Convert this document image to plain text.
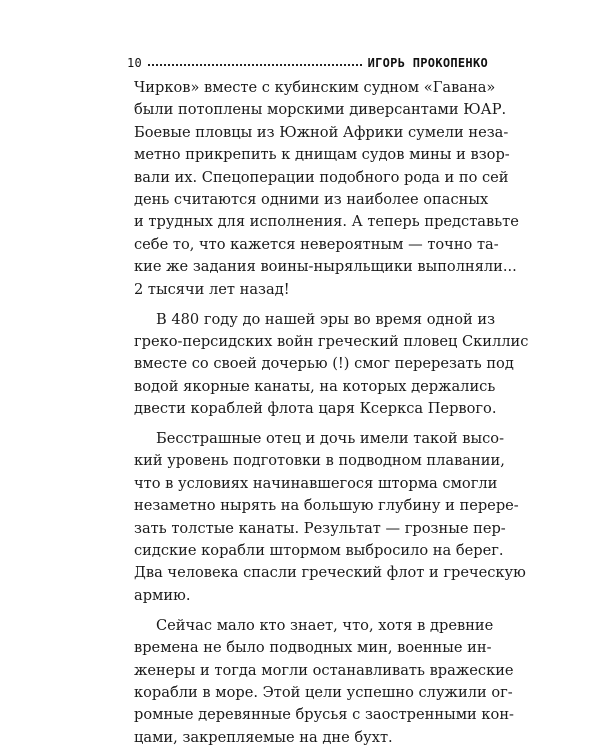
10	ИГОРЬ ПРОКОПЕНКО
Чирков» вместе с кубинским судном «Гавана»
были потоплены морскими диверсантами ЮАР.
Боевые пловцы из Южной Африки сумели неза-
метно прикрепить к днищам судов мины и взор-
вали их. Спецоперации подобного рода и по сей
день считаются одними из наиболее опасных
и трудных для исполнения. А теперь представьте
себе то, что кажется невероятным — точно та-
кие же задания воины-ныряльщики выполняли...
2 тысячи лет назад!
В 480 году до нашей эры во время одной из
греко-персидских войн греческий пловец Скиллис
вместе со своей дочерью (!) смог перерезать под
водой якорные канаты, на которых держались
двести кораблей флота царя Ксеркса Первого.
Бесстрашные отец и дочь имели такой высо-
кий уровень подготовки в подводном плавании,
что в условиях начинавшегося шторма смогли
незаметно нырять на большую глубину и перере-
зать толстые канаты. Результат — грозные пер-
сидские корабли штормом выбросило на берег.
Два человека спасли греческий флот и греческую
армию.
Сейчас мало кто знает, что, хотя в древние
времена не было подводных мин, военные ин-
женеры и тогда могли останавливать вражеские
корабли в море. Этой цели успешно служили ог-
ромные деревянные брусья с заостренными кон-
цами, закрепляемые на дне бухт.
